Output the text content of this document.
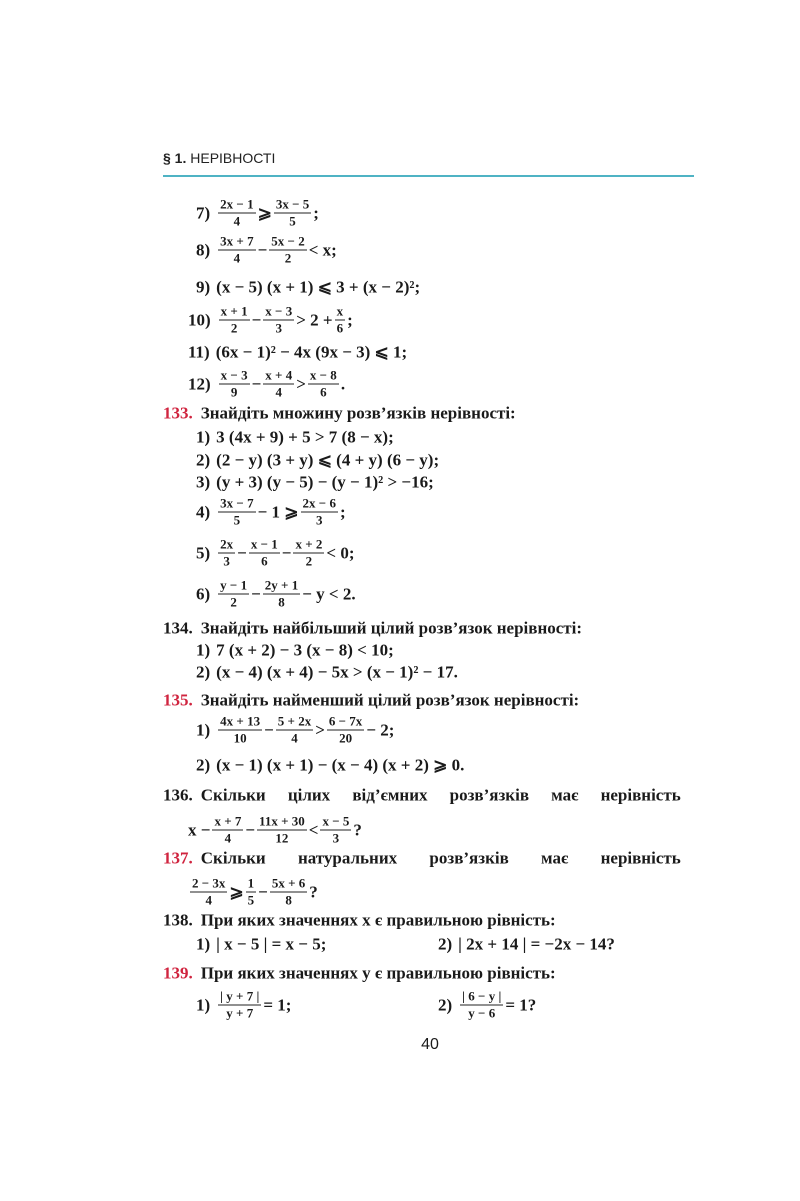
§ 1. НЕРІВНОСТІ
$7) \frac{2x - 1}{4}$ ⩾ $\frac{3x - 5}{5}$ ;
$8) \frac{3x + 7}{4} - \frac{5x - 2}{2} < x$;
9) (x − 5) (x + 1) ⩽ 3 + (x − 2)²;
$10) \frac{x + 1}{2} - \frac{x - 3}{3} > 2 + \frac{x}{6}$ ;
11) (6x − 1)² − 4x (9x − 3) ⩽ 1;
$12) \frac{x - 3}{9} - \frac{x + 4}{4} > \frac{x - 8}{6}$ .
133. Знайдіть множину розв’язків нерівності:
1) 3 (4x + 9) + 5 > 7 (8 − x);
2) (2 − y) (3 + y) ⩽ (4 + y) (6 − y);
3) (y + 3) (y − 5) − (y − 1)² > −16;
$4) \frac{3x - 7}{5} - 1$ ⩾ $\frac{2x - 6}{3}$ ;
$5) \frac{2x}{3} - \frac{x - 1}{6} - \frac{x + 2}{2} < 0$;
$6) \frac{y - 1}{2} - \frac{2y + 1}{8} - y < 2$.
134. Знайдіть найбільший цілий розв’язок нерівності:
1) 7 (x + 2) − 3 (x − 8) < 10;
2) (x − 4) (x + 4) − 5x > (x − 1)² − 17.
135. Знайдіть найменший цілий розв’язок нерівності:
$1) \frac{4x + 13}{10} - \frac{5 + 2x}{4} > \frac{6 - 7x}{20} - 2$;
2) (x − 1) (x + 1) − (x − 4) (x + 2) ⩾ 0.
136. Скільки цілих від’ємних розв’язків має нерівність
$x - \frac{x + 7}{4} - \frac{11x + 30}{12} < \frac{x - 5}{3}$ ?
137. Скільки натуральних розв’язків має нерівність
$\frac{2 - 3x}{4}$ ⩾ $\frac{1}{5} - \frac{5x + 6}{8}$ ?
138. При яких значеннях x є правильною рівність:
1) | x − 5 | = x − 5;	2) | 2x + 14 | = −2x − 14?
139. При яких значеннях y є правильною рівність:
$1) \frac{| y + 7 |}{y + 7} = 1$;	$2) \frac{| 6 - y |}{y - 6} = 1$?
40
